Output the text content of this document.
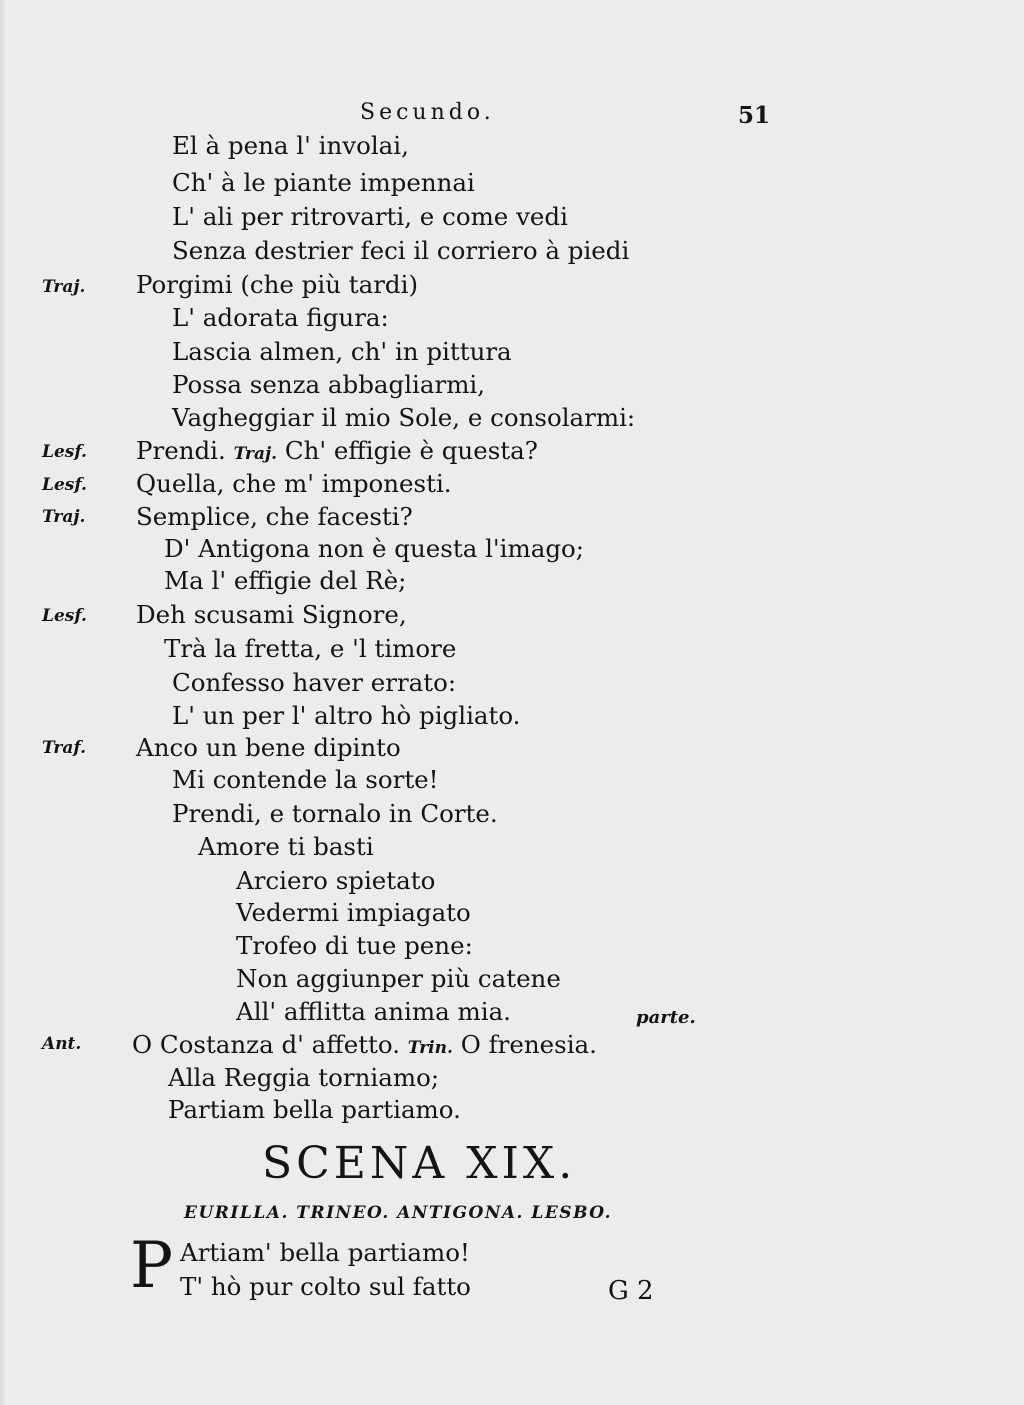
Secundo.	51
Traj.
Lesf.
Lesf.
Traj.
Lesf.
Traf.
Ant.
El à pena l' involai,
Ch' à le piante impennai
L' ali per ritrovarti, e come vedi
Senza destrier feci il corriero à piedi
Porgimi (che più tardi)
L' adorata figura:
Lascia almen, ch' in pittura
Possa senza abbagliarmi,
Vagheggiar il mio Sole, e consolarmi:
Prendi. Traj. Ch' effigie è questa?
Quella, che m' imponesti.
Semplice, che facesti?
D' Antigona non è questa l'imago;
Ma l' effigie del Rè;
Deh scusami Signore,
Trà la fretta, e 'l timore
Confesso haver errato:
L' un per l' altro hò pigliato.
Anco un bene dipinto
Mi contende la sorte!
Prendi, e tornalo in Corte.
Amore ti basti
Arciero spietato
Vedermi impiagato
Trofeo di tue pene:
Non aggiunper più catene
All' afflitta anima mia.	parte.
O Costanza d' affetto. Trin. O frenesia.
Alla Reggia torniamo;
Partiam bella partiamo.
SCENA XIX.
EURILLA. TRINEO. ANTIGONA. LESBO.
P Artiam' bella partiamo!
T' hò pur colto sul fatto	G 2
